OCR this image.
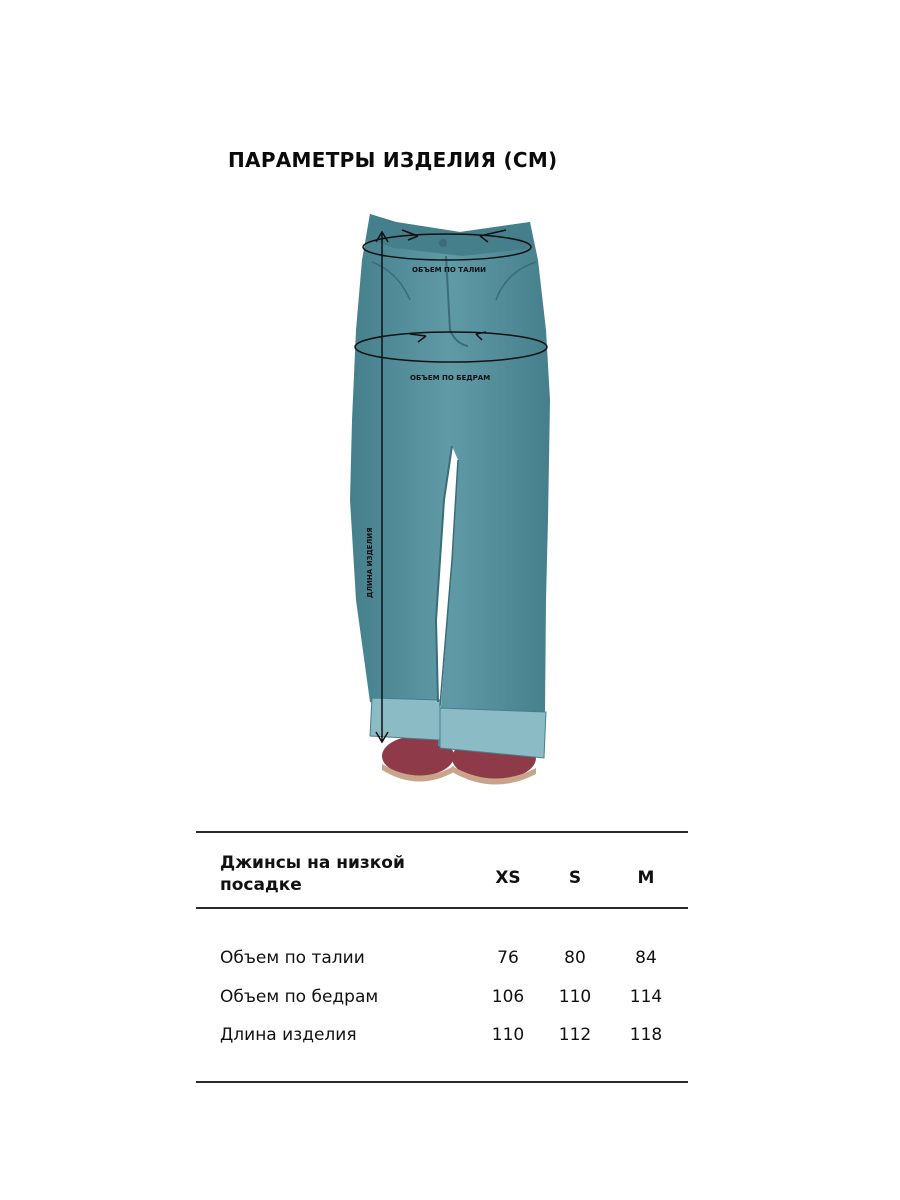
ПАРАМЕТРЫ ИЗДЕЛИЯ (СМ)
ОБЪЕМ ПО ТАЛИИ
ОБЪЕМ ПО БЕДРАМ
ДЛИНА ИЗДЕЛИЯ
Джинсы на низкой посадке	XS	S	M
Объем по талии	76	80	84
Объем по бедрам	106	110	114
Длина изделия	110	112	118
